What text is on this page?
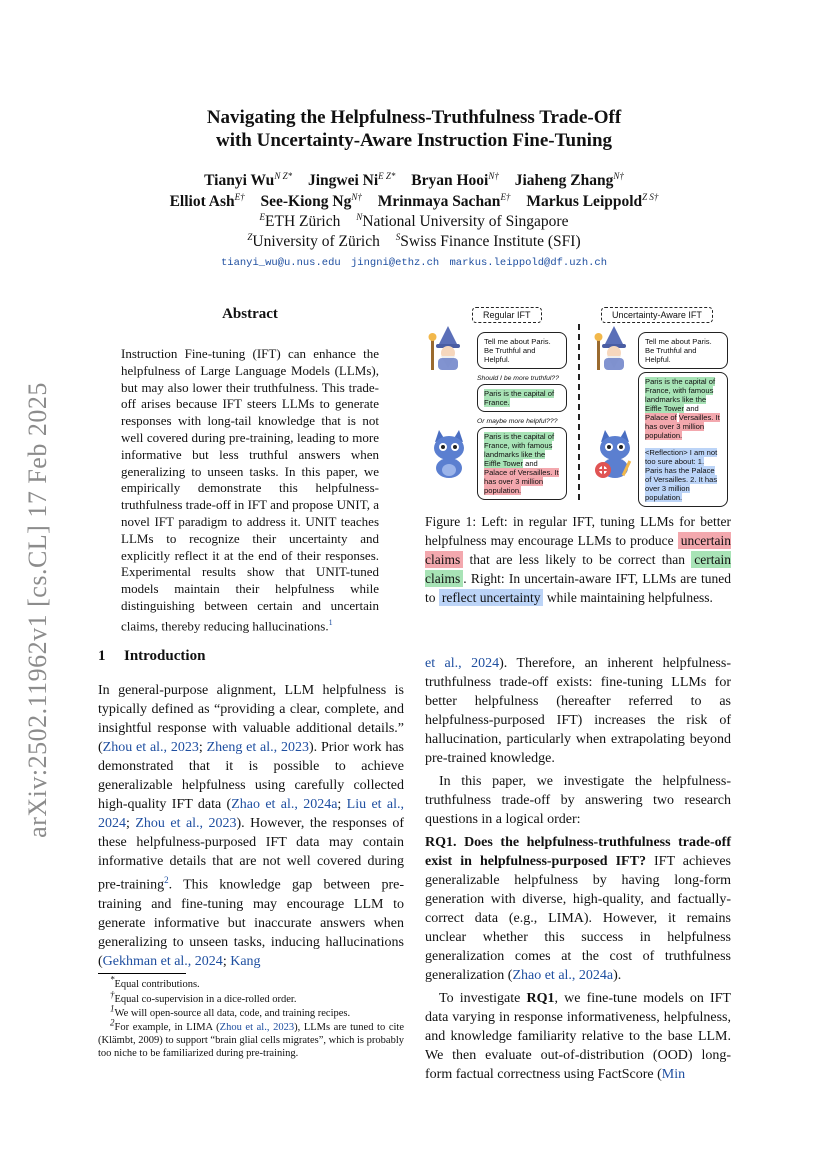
arXiv:2502.11962v1 [cs.CL] 17 Feb 2025
Navigating the Helpfulness-Truthfulness Trade-Off
with Uncertainty-Aware Instruction Fine-Tuning
Tianyi $Wu^{N Z*}$ Jingwei $Ni^{E Z*}$ Bryan Hooi$^{N\dagger}$ Jiaheng Zhang$^{N\dagger}$
Elliot Ash$^{E\dagger}$ See-Kiong $Ng^{N\dagger}$ Mrinmaya Sachan$^{E\dagger}$ Markus Leippold$^{Z S\dagger}$
$^E$ETH Zürich $^N$National University of Singapore
$^Z$University of Zürich $^S$Swiss Finance Institute (SFI)
tianyi_wu@u.nus.edu jingni@ethz.ch markus.leippold@df.uzh.ch
Abstract
Instruction Fine-tuning (IFT) can enhance the helpfulness of Large Language Models (LLMs), but may also lower their truthfulness. This trade-off arises because IFT steers LLMs to generate responses with long-tail knowledge that is not well covered during pre-training, leading to more informative but less truthful answers when generalizing to unseen tasks. In this paper, we empirically demonstrate this helpfulness-truthfulness trade-off in IFT and propose UNIT, a novel IFT paradigm to address it. UNIT teaches LLMs to recognize their uncertainty and explicitly reflect it at the end of their responses. Experimental results show that UNIT-tuned models maintain their helpfulness while distinguishing between certain and uncertain claims, thereby reducing hallucinations.$^1$
Regular IFT	Uncertainty-Aware IFT
Tell me about Paris. Be Truthful and Helpful.
Tell me about Paris. Be Truthful and Helpful.
Should I be more truthful??
Paris is the capital of France.
Or maybe more helpful???
Paris is the capital of France, with famous landmarks like the Eiffle Tower and Palace of Versailles. It has over 3 million population.
Paris is the capital of France, with famous landmarks like the Eiffle Tower and Palace of Versailles. It has over 3 million population.
<Reflection> I am not too sure about: 1. Paris has the Palace of Versailles. 2. It has over 3 million population.
Figure 1: Left: in regular IFT, tuning LLMs for better helpfulness may encourage LLMs to produce uncertain claims that are less likely to be correct than certain claims . Right: In uncertain-aware IFT, LLMs are tuned to reflect uncertainty while maintaining helpfulness.
1 Introduction

In general-purpose alignment, LLM helpfulness is typically defined as “providing a clear, complete, and insightful response with valuable additional details.” (Zhou et al., 2023; Zheng et al., 2023). Prior work has demonstrated that it is possible to achieve generalizable helpfulness using carefully collected high-quality IFT data (Zhao et al., 2024a; Liu et al., 2024; Zhou et al., 2023). However, the responses of these helpfulness-purposed IFT data may contain informative details that are not well covered during pre-training$^2$. This knowledge gap between pre-training and fine-tuning may encourage LLM to generate informative but inaccurate answers when generalizing to unseen tasks, inducing hallucinations (Gekhman et al., 2024; Kang

*Equal contributions.
†Equal co-supervision in a dice-rolled order.
$^1$We will open-source all data, code, and training recipes.
$^2$For example, in LIMA (Zhou et al., 2023), LLMs are tuned to cite (Klämbt, 2009) to support “brain glial cells migrates”, which is probably too niche to be familiarized during pre-training.

et al., 2024). Therefore, an inherent helpfulness-truthfulness trade-off exists: fine-tuning LLMs for better helpfulness (hereafter referred to as helpfulness-purposed IFT) increases the risk of hallucination, particularly when extrapolating beyond pre-trained knowledge.

In this paper, we investigate the helpfulness-truthfulness trade-off by answering two research questions in a logical order:

RQ1. Does the helpfulness-truthfulness trade-off exist in helpfulness-purposed IFT? IFT achieves generalizable helpfulness by having long-form generation with diverse, high-quality, and factually-correct data (e.g., LIMA). However, it remains unclear whether this success in helpfulness generalization comes at the cost of truthfulness generalization (Zhao et al., 2024a).

To investigate RQ1, we fine-tune models on IFT data varying in response informativeness, helpfulness, and knowledge familiarity relative to the base LLM. We then evaluate out-of-distribution (OOD) long-form factual correctness using FactScore (Min
